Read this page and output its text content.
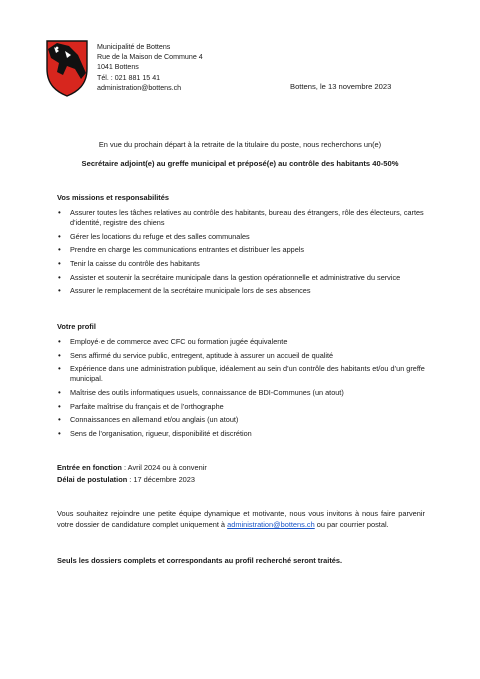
Municipalité de Bottens
Rue de la Maison de Commune 4
1041 Bottens
Tél. : 021 881 15 41
administration@bottens.ch	Bottens, le 13 novembre 2023
En vue du prochain départ à la retraite de la titulaire du poste, nous recherchons un(e)
Secrétaire adjoint(e) au greffe municipal et préposé(e) au contrôle des habitants 40-50%
Vos missions et responsabilités
• Assurer toutes les tâches relatives au contrôle des habitants, bureau des étrangers, rôle des électeurs, cartes d’identité, registre des chiens
• Gérer les locations du refuge et des salles communales
• Prendre en charge les communications entrantes et distribuer les appels
• Tenir la caisse du contrôle des habitants
• Assister et soutenir la secrétaire municipale dans la gestion opérationnelle et administrative du service
• Assurer le remplacement de la secrétaire municipale lors de ses absences
Votre profil
• Employé·e de commerce avec CFC ou formation jugée équivalente
• Sens affirmé du service public, entregent, aptitude à assurer un accueil de qualité
• Expérience dans une administration publique, idéalement au sein d’un contrôle des habitants et/ou d’un greffe municipal.
• Maîtrise des outils informatiques usuels, connaissance de BDI-Communes (un atout)
• Parfaite maîtrise du français et de l’orthographe
• Connaissances en allemand et/ou anglais (un atout)
• Sens de l’organisation, rigueur, disponibilité et discrétion
Entrée en fonction : Avril 2024 ou à convenir
Délai de postulation : 17 décembre 2023
Vous souhaitez rejoindre une petite équipe dynamique et motivante, nous vous invitons à nous faire parvenir votre dossier de candidature complet uniquement à administration@bottens.ch ou par courrier postal.
Seuls les dossiers complets et correspondants au profil recherché seront traités.
